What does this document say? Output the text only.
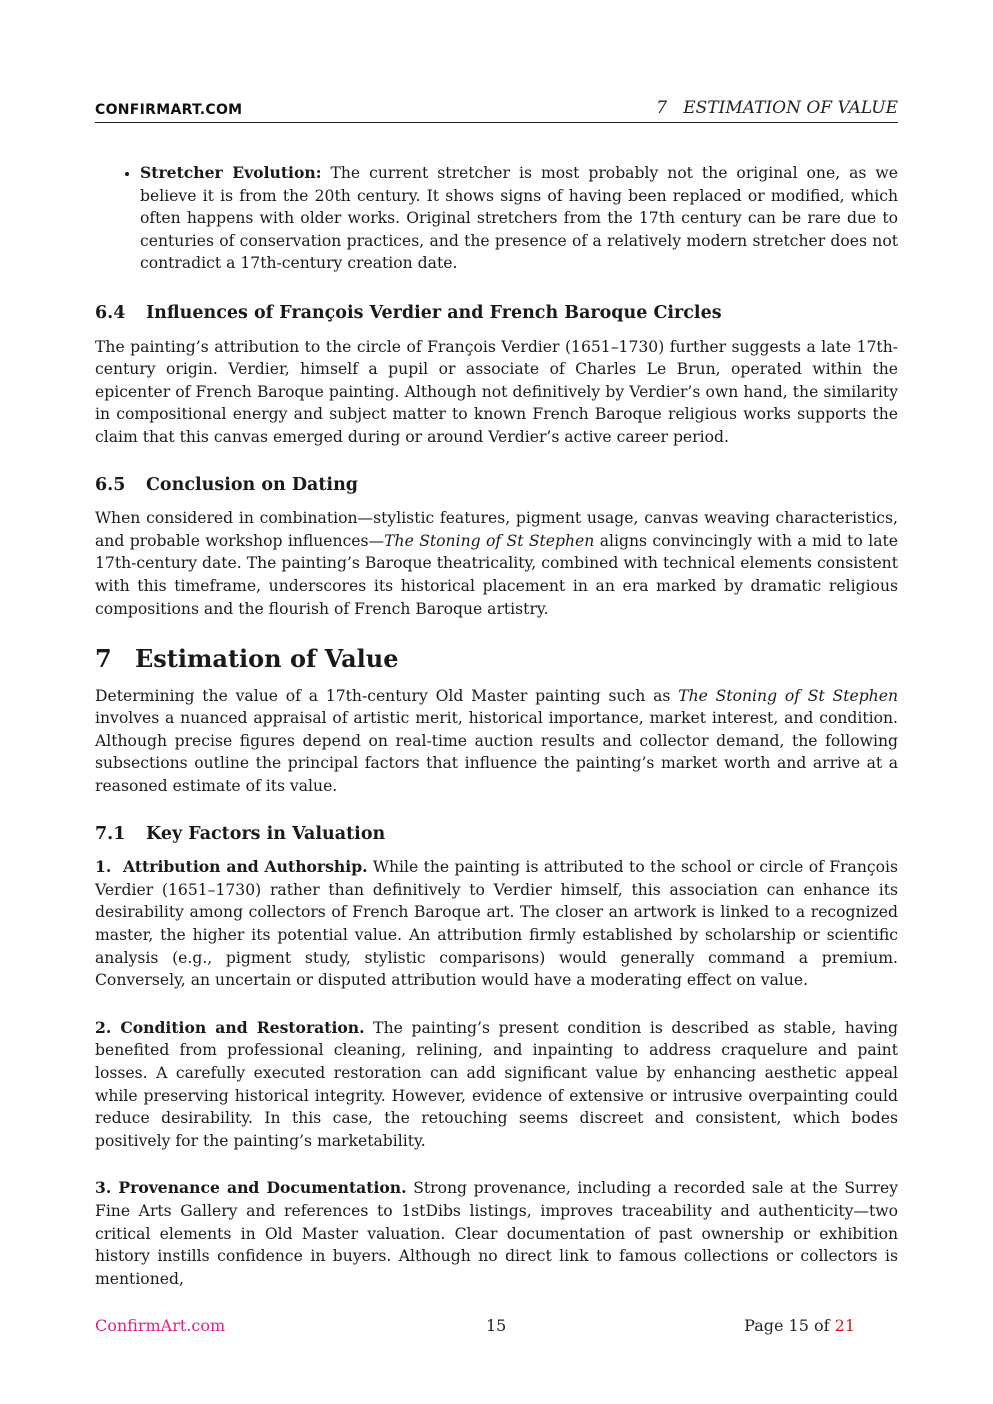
CONFIRMART.COM	7   ESTIMATION OF VALUE
• Stretcher Evolution: The current stretcher is most probably not the original one, as we believe it is from the 20th century. It shows signs of having been replaced or modified, which often happens with older works. Original stretchers from the 17th century can be rare due to centuries of conservation practices, and the presence of a relatively modern stretcher does not contradict a 17th-century creation date.
6.4 Influences of François Verdier and French Baroque Circles

The painting’s attribution to the circle of François Verdier (1651–1730) further suggests a late 17th-century origin. Verdier, himself a pupil or associate of Charles Le Brun, operated within the epicenter of French Baroque painting. Although not definitively by Verdier’s own hand, the similarity in compositional energy and subject matter to known French Baroque religious works supports the claim that this canvas emerged during or around Verdier’s active career period.

6.5 Conclusion on Dating

When considered in combination—stylistic features, pigment usage, canvas weaving characteristics, and probable workshop influences—The Stoning of St Stephen aligns convincingly with a mid to late 17th-century date. The painting’s Baroque theatricality, combined with technical elements consistent with this timeframe, underscores its historical placement in an era marked by dramatic religious compositions and the flourish of French Baroque artistry.

7 Estimation of Value

Determining the value of a 17th-century Old Master painting such as The Stoning of St Stephen involves a nuanced appraisal of artistic merit, historical importance, market interest, and condition. Although precise figures depend on real-time auction results and collector demand, the following subsections outline the principal factors that influence the painting’s market worth and arrive at a reasoned estimate of its value.

7.1 Key Factors in Valuation

1.  Attribution and Authorship. While the painting is attributed to the school or circle of François Verdier (1651–1730) rather than definitively to Verdier himself, this association can enhance its desirability among collectors of French Baroque art. The closer an artwork is linked to a recognized master, the higher its potential value. An attribution firmly established by scholarship or scientific analysis (e.g., pigment study, stylistic comparisons) would generally command a premium. Conversely, an uncertain or disputed attribution would have a moderating effect on value.

2. Condition and Restoration. The painting’s present condition is described as stable, having benefited from professional cleaning, relining, and inpainting to address craquelure and paint losses. A carefully executed restoration can add significant value by enhancing aesthetic appeal while preserving historical integrity. However, evidence of extensive or intrusive overpainting could reduce desirability. In this case, the retouching seems discreet and consistent, which bodes positively for the painting’s marketability.

3. Provenance and Documentation. Strong provenance, including a recorded sale at the Surrey Fine Arts Gallery and references to 1stDibs listings, improves traceability and authenticity—two critical elements in Old Master valuation. Clear documentation of past ownership or exhibition history instills confidence in buyers. Although no direct link to famous collections or collectors is mentioned,

ConfirmArt.com	15	Page 15 of 21
